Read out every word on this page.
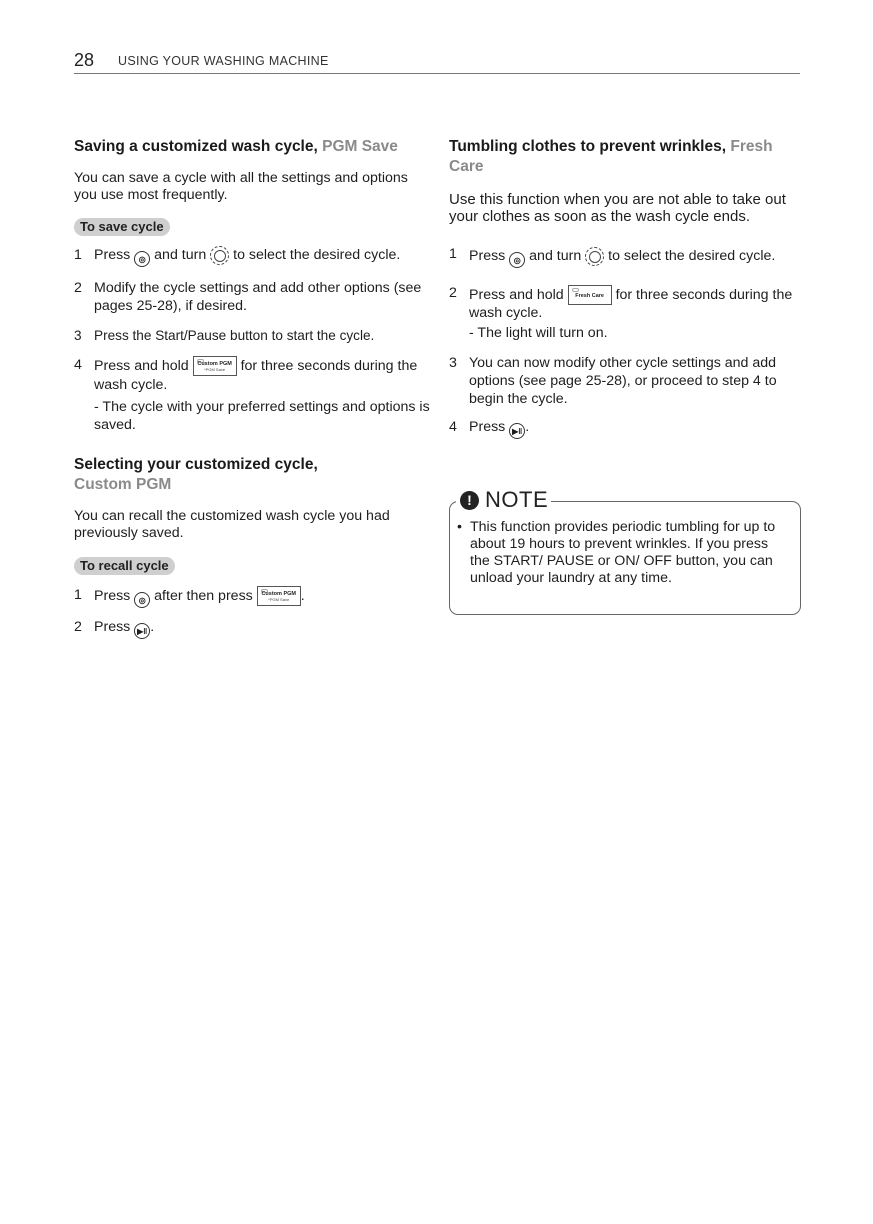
28 USING YOUR WASHING MACHINE
Saving a customized wash cycle, PGM Save

You can save a cycle with all the settings and options you use most frequently.

To save cycle
1 Press ◎ and turn to select the desired cycle.
2 Modify the cycle settings and add other options (see pages 25-28), if desired.
3 Press the Start/Pause button to start the cycle.
4 Press and hold	Custom PGM
*PGM Save	for three seconds during the wash cycle.
- The cycle with your preferred settings and options is saved.
Selecting your customized cycle,
Custom PGM

You can recall the customized wash cycle you had previously saved.

To recall cycle
1 Press ◎ after then press	Custom PGM
*PGM Save .
2 Press ▶‖ .
Tumbling clothes to prevent wrinkles, Fresh Care

Use this function when you are not able to take out your clothes as soon as the wash cycle ends.

1 Press ◎ and turn to select the desired cycle.
2 Press and hold	Fresh Care for three seconds during the wash cycle.
- The light will turn on.
3 You can now modify other cycle settings and add options (see page 25-28), or proceed to step 4 to begin the cycle.
4 Press ▶‖ .
! NOTE
• This function provides periodic tumbling for up to about 19 hours to prevent wrinkles. If you press the START/ PAUSE or ON/ OFF button, you can unload your laundry at any time.
